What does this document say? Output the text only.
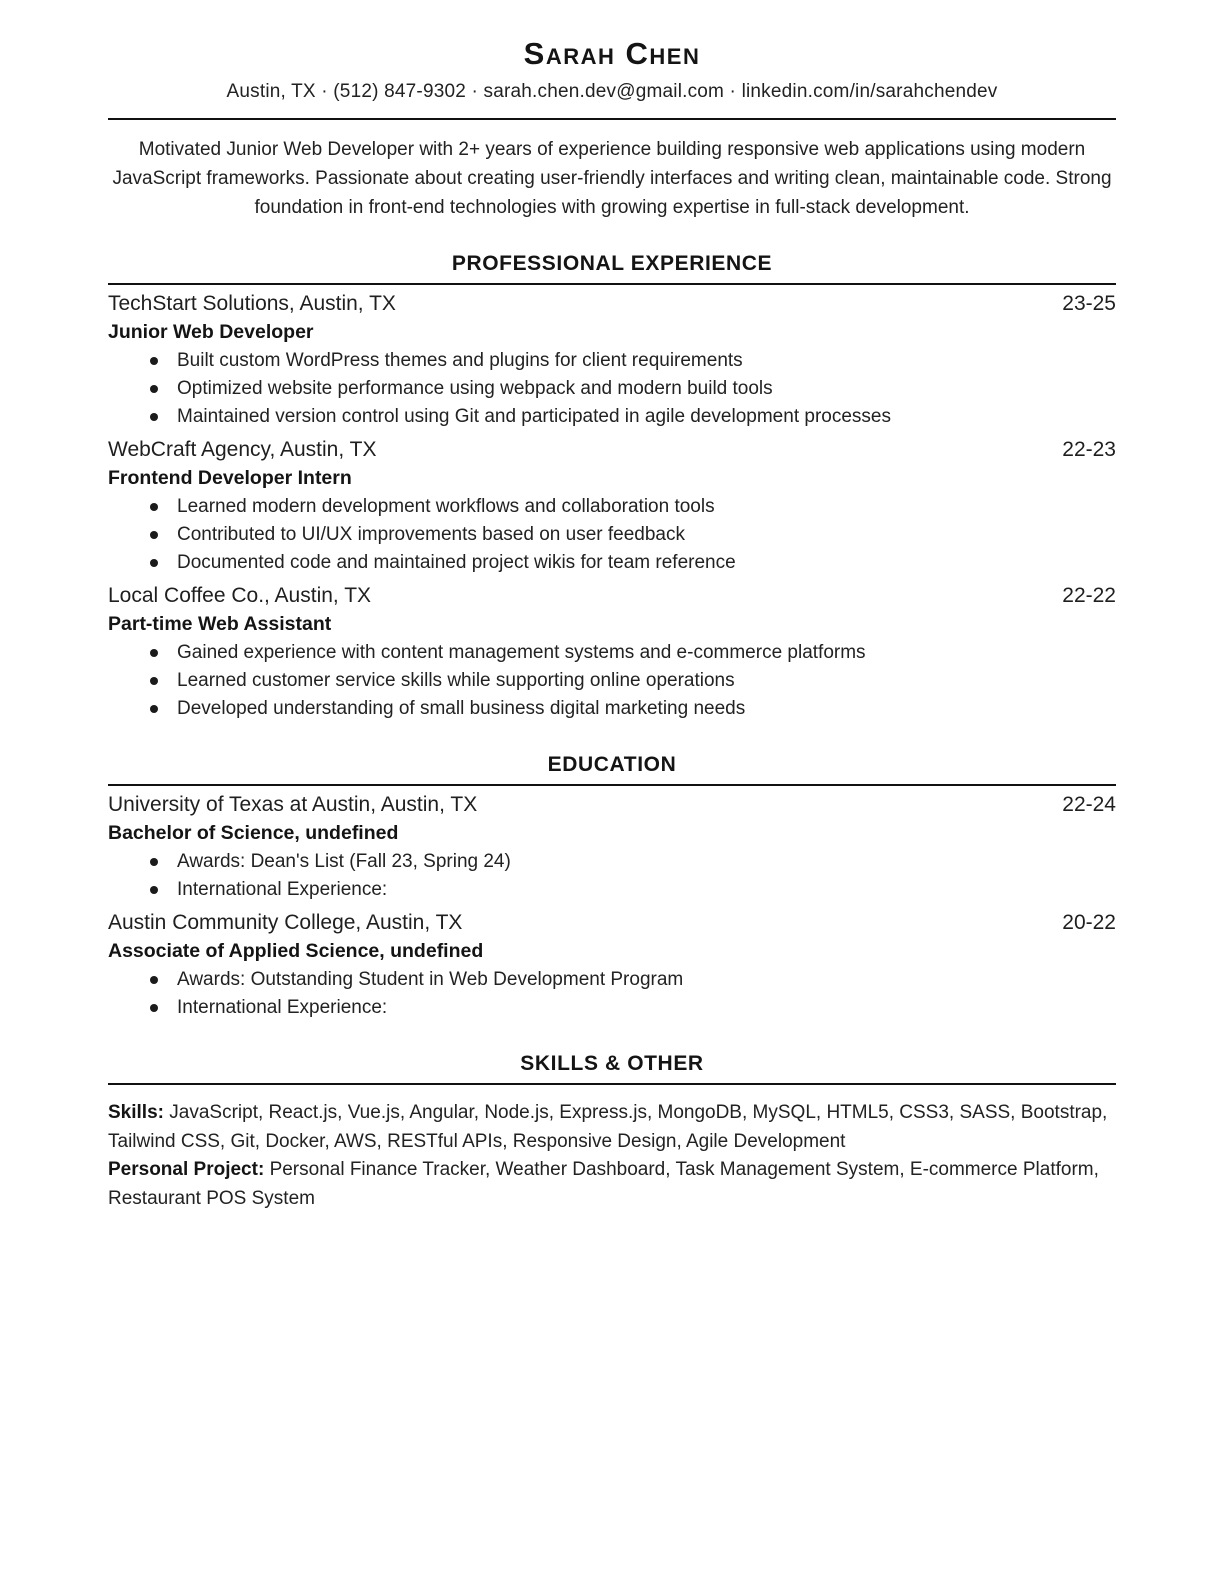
Sarah Chen
Austin, TX · (512) 847-9302 · sarah.chen.dev@gmail.com · linkedin.com/in/sarahchendev

Motivated Junior Web Developer with 2+ years of experience building responsive web applications using modern JavaScript frameworks. Passionate about creating user-friendly interfaces and writing clean, maintainable code. Strong foundation in front-end technologies with growing expertise in full-stack development.

PROFESSIONAL EXPERIENCE
TechStart Solutions, Austin, TX	23-25
Junior Web Developer
Built custom WordPress themes and plugins for client requirements
Optimized website performance using webpack and modern build tools
Maintained version control using Git and participated in agile development processes
WebCraft Agency, Austin, TX	22-23
Frontend Developer Intern
Learned modern development workflows and collaboration tools
Contributed to UI/UX improvements based on user feedback
Documented code and maintained project wikis for team reference
Local Coffee Co., Austin, TX	22-22
Part-time Web Assistant
Gained experience with content management systems and e-commerce platforms
Learned customer service skills while supporting online operations
Developed understanding of small business digital marketing needs
EDUCATION
University of Texas at Austin, Austin, TX	22-24
Bachelor of Science, undefined
Awards: Dean's List (Fall 23, Spring 24)
International Experience:
Austin Community College, Austin, TX	20-22
Associate of Applied Science, undefined
Awards: Outstanding Student in Web Development Program
International Experience:
SKILLS & OTHER

Skills: JavaScript, React.js, Vue.js, Angular, Node.js, Express.js, MongoDB, MySQL, HTML5, CSS3, SASS, Bootstrap, Tailwind CSS, Git, Docker, AWS, RESTful APIs, Responsive Design, Agile Development

Personal Project: Personal Finance Tracker, Weather Dashboard, Task Management System, E-commerce Platform, Restaurant POS System
